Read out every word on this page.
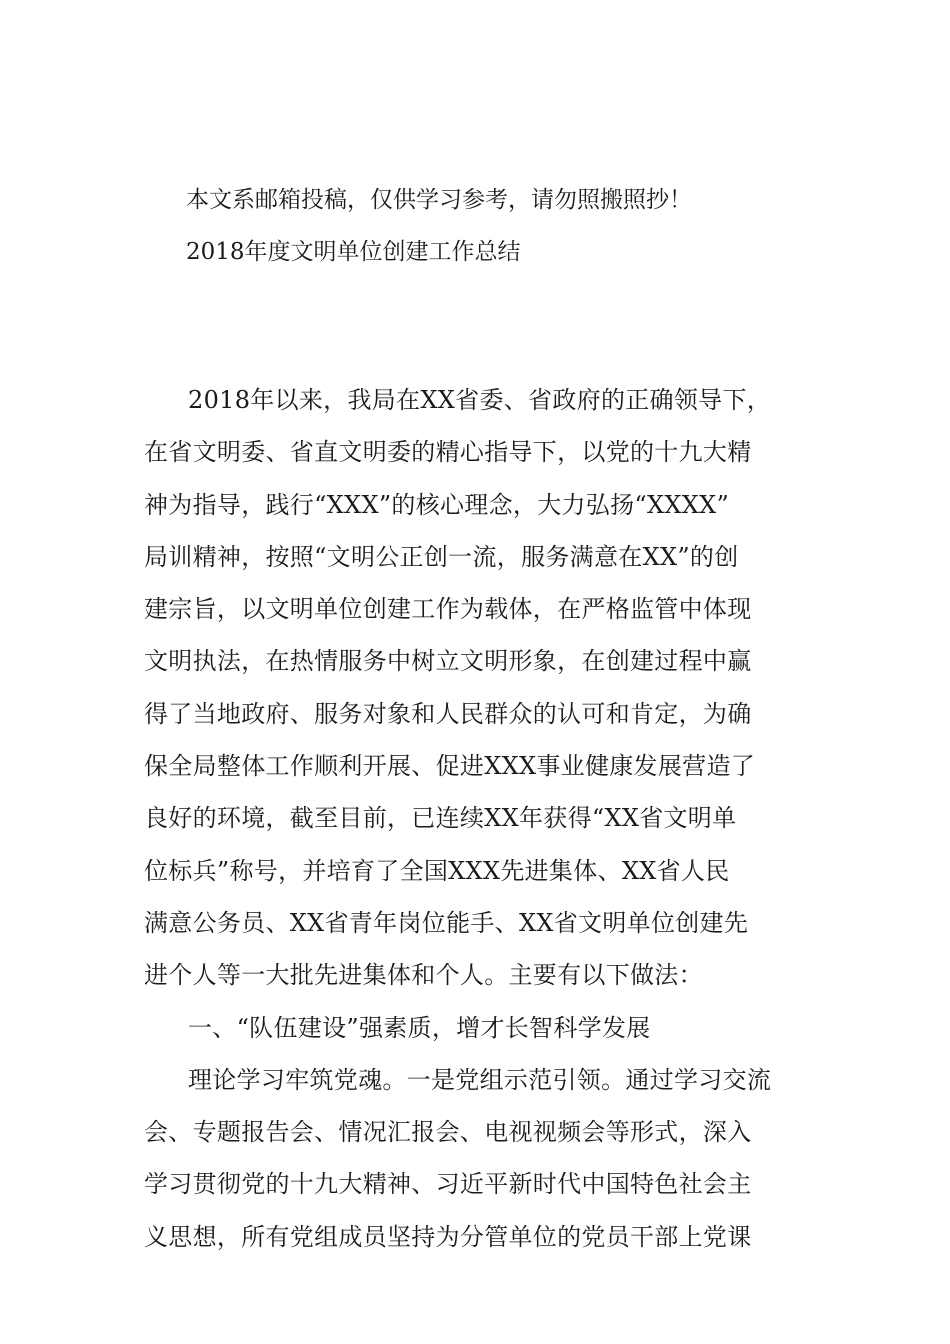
本文系邮箱投稿，仅供学习参考，请勿照搬照抄！
2018年度文明单位创建工作总结
2018年以来，我局在XX省委、省政府的正确领导下，
在省文明委、省直文明委的精心指导下，以党的十九大精
神为指导，践行“XXX”的核心理念，大力弘扬“XXXX”
局训精神，按照“文明公正创一流，服务满意在XX”的创
建宗旨，以文明单位创建工作为载体，在严格监管中体现
文明执法，在热情服务中树立文明形象，在创建过程中赢
得了当地政府、服务对象和人民群众的认可和肯定，为确
保全局整体工作顺利开展、促进XXX事业健康发展营造了
良好的环境，截至目前，已连续XX年获得“XX省文明单
位标兵”称号，并培育了全国XXX先进集体、XX省人民
满意公务员、XX省青年岗位能手、XX省文明单位创建先
进个人等一大批先进集体和个人。主要有以下做法：
一、“队伍建设”强素质，增才长智科学发展
理论学习牢筑党魂。一是党组示范引领。通过学习交流
会、专题报告会、情况汇报会、电视视频会等形式，深入
学习贯彻党的十九大精神、习近平新时代中国特色社会主
义思想，所有党组成员坚持为分管单位的党员干部上党课
